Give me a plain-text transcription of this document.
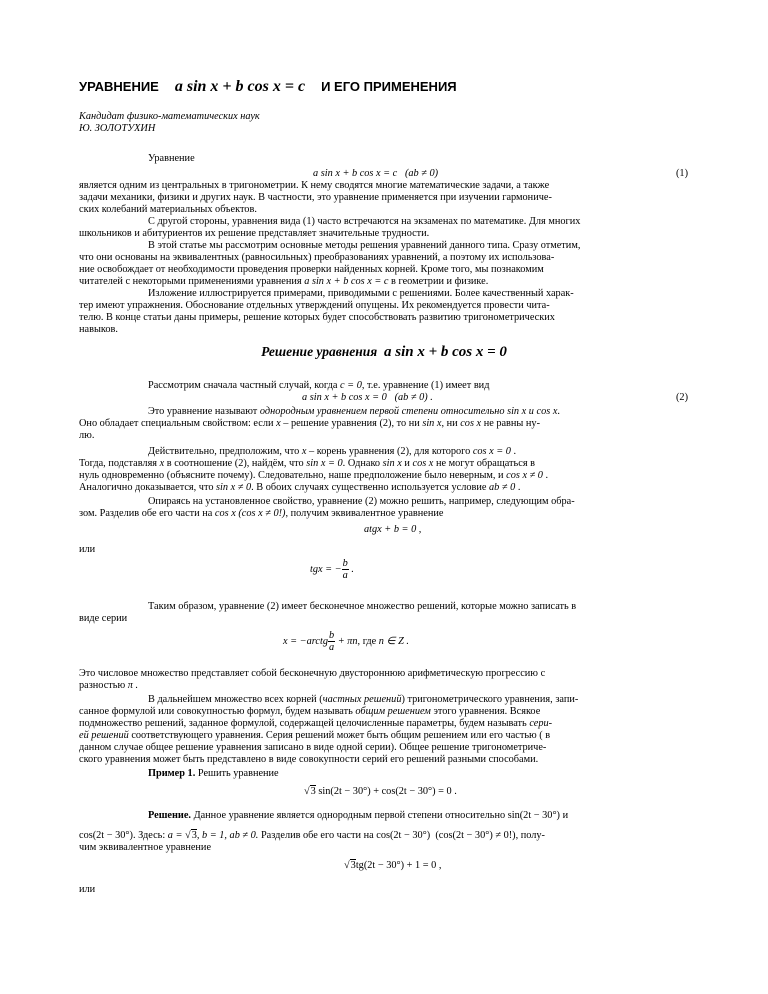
УРАВНЕНИЕ a sin x + b cos x = c И ЕГО ПРИМЕНЕНИЯ
Кандидат физико-математических наук
Ю. ЗОЛОТУХИН
Уравнение
a sin x + b cos x = c (ab ≠ 0)	(1)
является одним из центральных в тригонометрии. К нему сводятся многие математические задачи, а также
задачи механики, физики и других наук. В частности, это уравнение применяется при изучении гармониче-
ских колебаний материальных объектов.
С другой стороны, уравнения вида (1) часто встречаются на экзаменах по математике. Для многих
школьников и абитуриентов их решение представляет значительные трудности.
В этой статье мы рассмотрим основные методы решения уравнений данного типа. Сразу отметим,
что они основаны на эквивалентных (равносильных) преобразованиях уравнений, а поэтому их использова-
ние освобождает от необходимости проведения проверки найденных корней. Кроме того, мы познакомим
читателей с некоторыми применениями уравнения a sin x + b cos x = c в геометрии и физике.
Изложение иллюстрируется примерами, приводимыми с решениями. Более качественный харак-
тер имеют упражнения. Обоснование отдельных утверждений опущены. Их рекомендуется провести чита-
телю. В конце статьи даны примеры, решение которых будет способствовать развитию тригонометрических
навыков.
Решение уравнения a sin x + b cos x = 0
Рассмотрим сначала частный случай, когда c = 0, т.е. уравнение (1) имеет вид
a sin x + b cos x = 0 (ab ≠ 0) .	(2)
Это уравнение называют однородным уравнением первой степени относительно sin x и cos x.
Оно обладает специальным свойством: если x – решение уравнения (2), то ни sin x, ни cos x не равны ну-
лю.
Действительно, предположим, что x – корень уравнения (2), для которого cos x = 0 .
Тогда, подставляя x в соотношение (2), найдём, что sin x = 0. Однако sin x и cos x не могут обращаться в
нуль одновременно (объясните почему). Следовательно, наше предположение было неверным, и cos x ≠ 0 .
Аналогично доказывается, что sin x ≠ 0. В обоих случаях существенно используется условие ab ≠ 0 .
Опираясь на установленное свойство, уравнение (2) можно решить, например, следующим обра-
зом. Разделив обе его части на cos x (cos x ≠ 0!), получим эквивалентное уравнение
atgx + b = 0 ,
или
tgx = − $\frac{b}{a}$ .
Таким образом, уравнение (2) имеет бесконечное множество решений, которые можно записать в
виде серии
x = −arctg $\frac{b}{a} + \pi n$, где n ∈ Z .
Это числовое множество представляет собой бесконечную двустороннюю арифметическую прогрессию с
разностью π .
В дальнейшем множество всех корней (частных решений) тригонометрического уравнения, запи-
санное формулой или совокупностью формул, будем называть общим решением этого уравнения. Всякое
подмножество решений, заданное формулой, содержащей целочисленные параметры, будем называть сери-
ей решений соответствующего уравнения. Серия решений может быть общим решением или его частью ( в
данном случае общее решение уравнения записано в виде одной серии). Общее решение тригонометриче-
ского уравнения может быть представлено в виде совокупности серий его решений разными способами.
Пример 1. Решить уравнение
√3 sin(2t − 30°) + cos(2t − 30°) = 0 .
Решение. Данное уравнение является однородным первой степени относительно sin(2t − 30°) и
cos(2t − 30°). Здесь: a = √3, b = 1, ab ≠ 0. Разделив обе его части на cos(2t − 30°) (cos(2t − 30°) ≠ 0!), полу-
чим эквивалентное уравнение
√3tg(2t − 30°) + 1 = 0 ,
или
